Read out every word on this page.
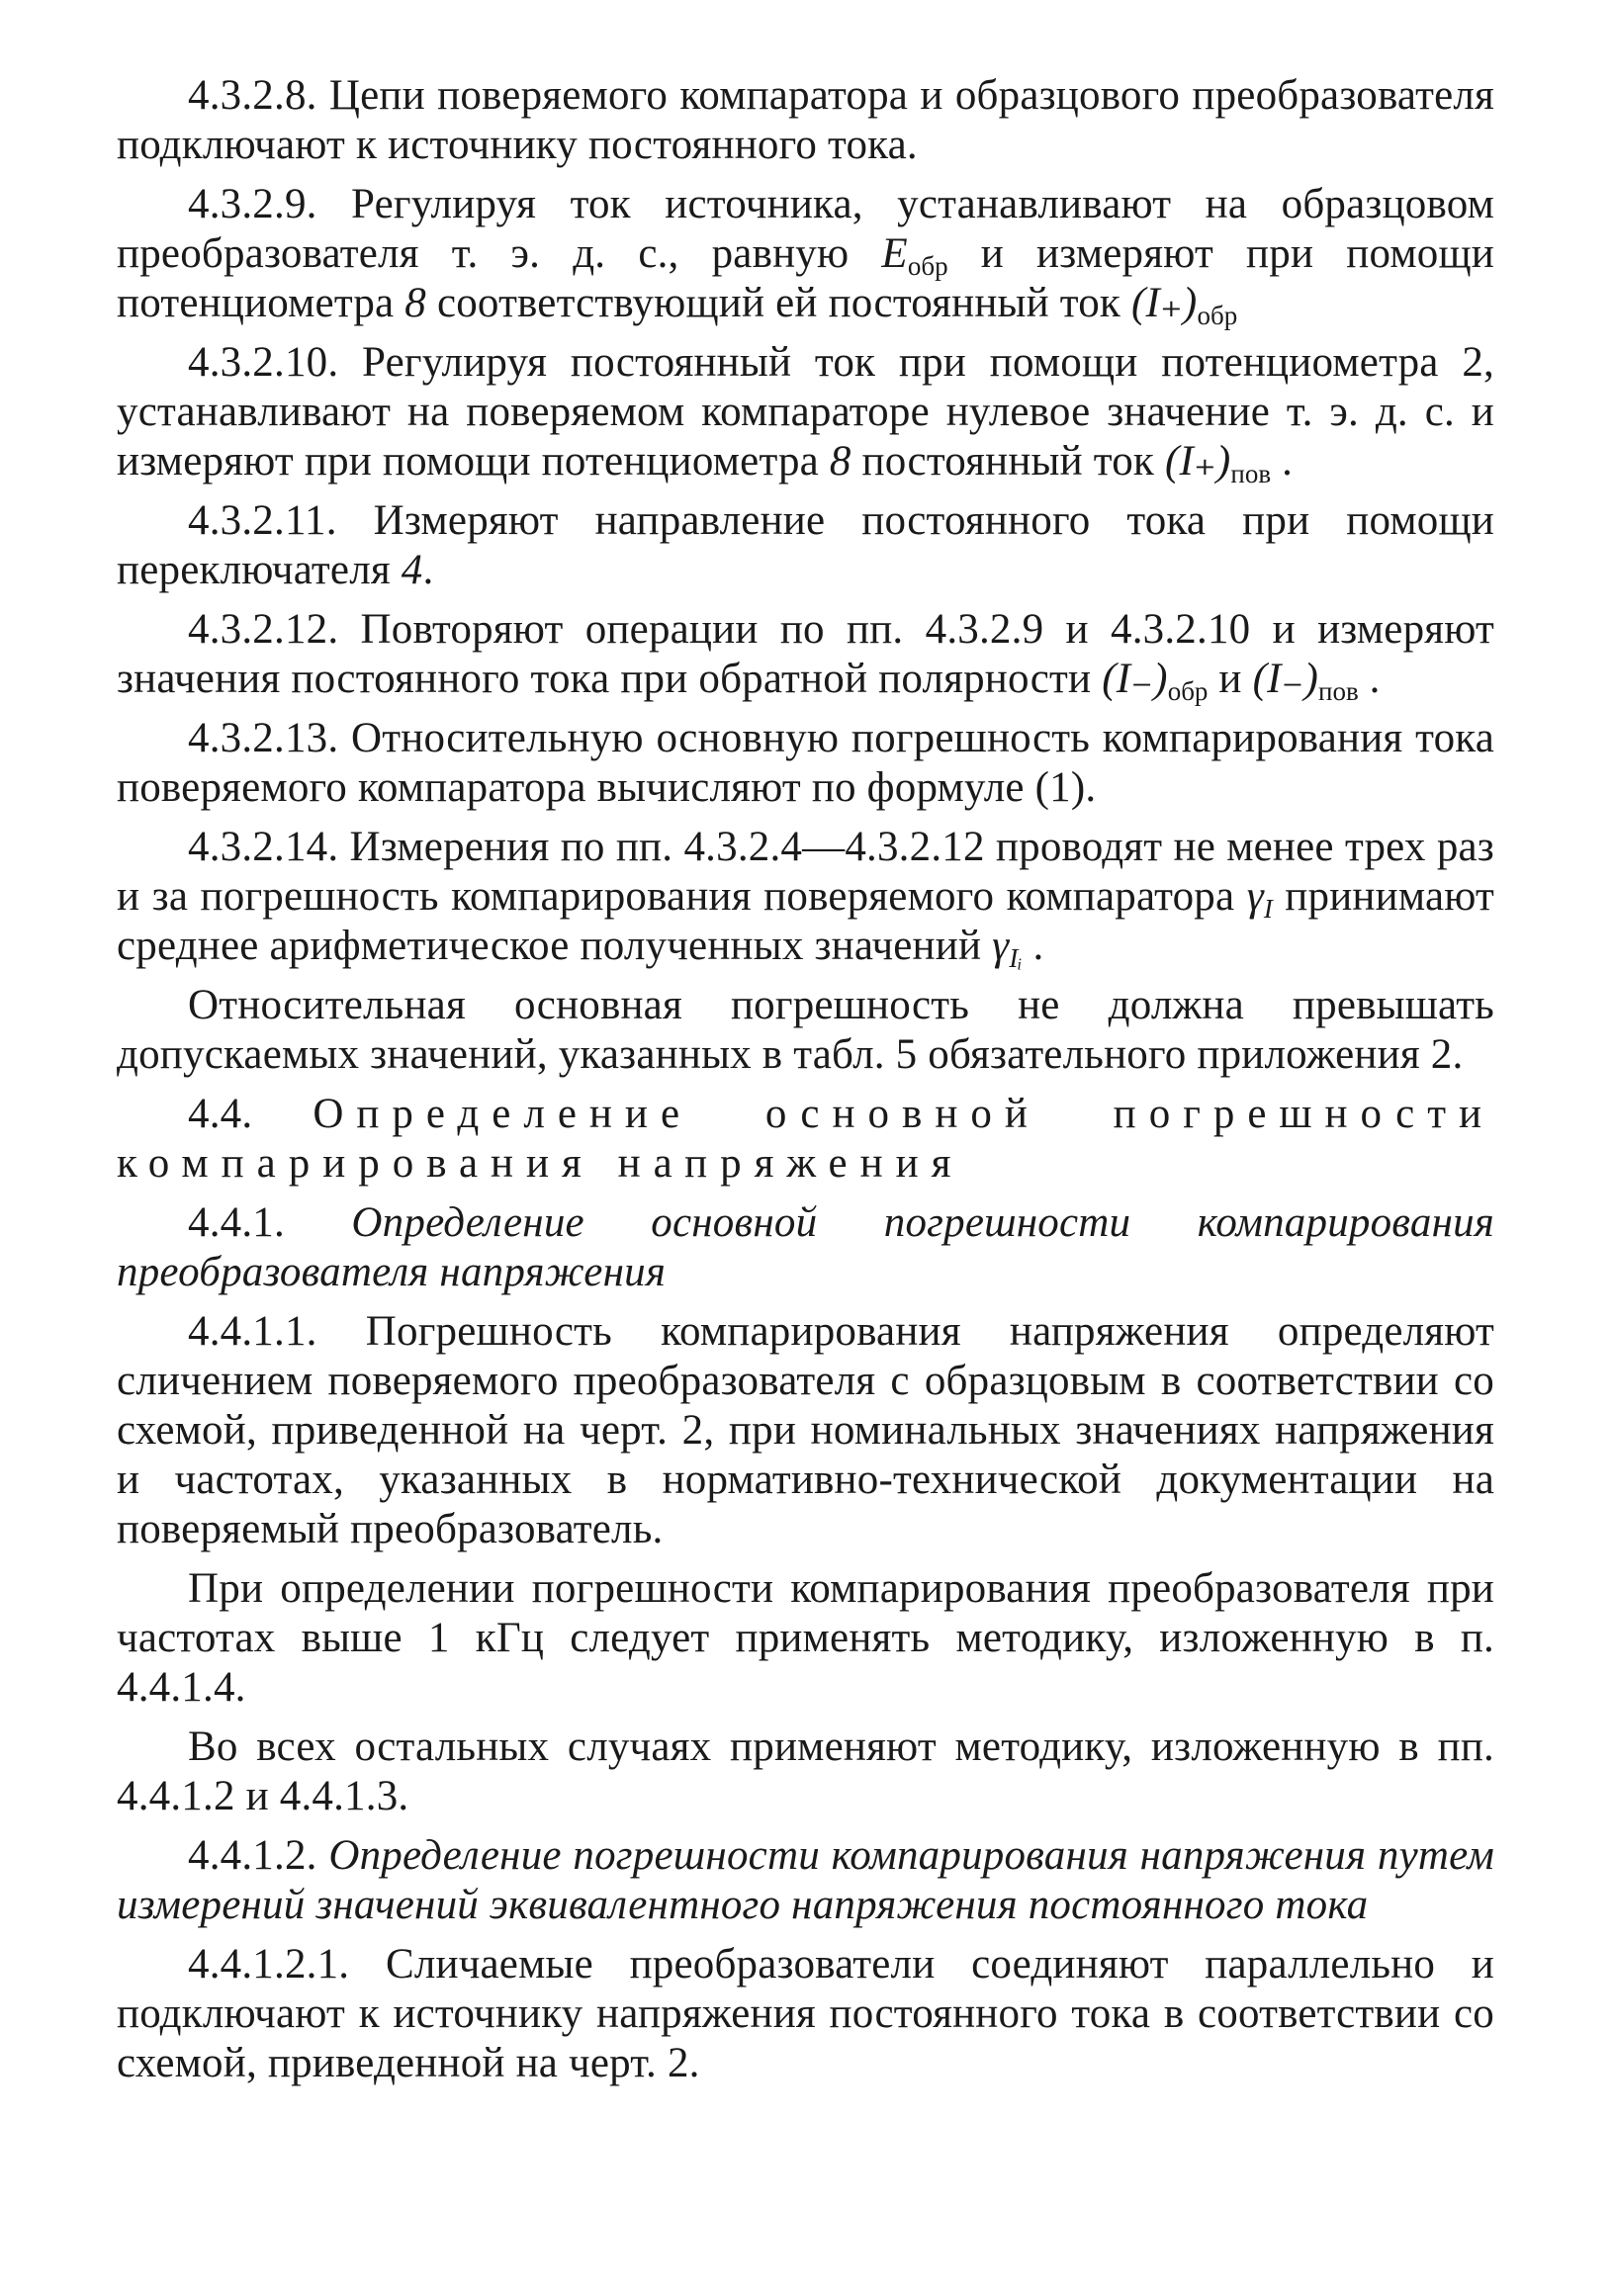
4.3.2.8. Цепи поверяемого компаратора и образцового преобразователя подключают к источнику постоянного тока.

4.3.2.9. Регулируя ток источника, устанавливают на образцовом преобразователя т. э. д. с., равную $E_{обр}$ и измеряют при помощи потенциометра 8 соответствующий ей постоянный ток $(I_+)_{обр}$

4.3.2.10. Регулируя постоянный ток при помощи потенциометра 2, устанавливают на поверяемом компараторе нулевое значение т. э. д. с. и измеряют при помощи потенциометра 8 постоянный ток $(I_+)_{пов}$ .

4.3.2.11. Измеряют направление постоянного тока при помощи переключателя 4.

4.3.2.12. Повторяют операции по пп. 4.3.2.9 и 4.3.2.10 и измеряют значения постоянного тока при обратной полярности $(I_-)_{обр}$ и $(I_-)_{пов}$ .

4.3.2.13. Относительную основную погрешность компарирования тока поверяемого компаратора вычисляют по формуле (1).

4.3.2.14. Измерения по пп. 4.3.2.4—4.3.2.12 проводят не менее трех раз и за погрешность компарирования поверяемого компаратора $\gamma_I$ принимают среднее арифметическое полученных значений $\gamma_{Iᵢ}$ .

Относительная основная погрешность не должна превышать допускаемых значений, указанных в табл. 5 обязательного приложения 2.

4.4. Определение основной погрешности компарирования напряжения

4.4.1. Определение основной погрешности компарирования преобразователя напряжения

4.4.1.1. Погрешность компарирования напряжения определяют сличением поверяемого преобразователя с образцовым в соответствии со схемой, приведенной на черт. 2, при номинальных значениях напряжения и частотах, указанных в нормативно-технической документации на поверяемый преобразователь.

При определении погрешности компарирования преобразователя при частотах выше 1 кГц следует применять методику, изложенную в п. 4.4.1.4.

Во всех остальных случаях применяют методику, изложенную в пп. 4.4.1.2 и 4.4.1.3.

4.4.1.2. Определение погрешности компарирования напряжения путем измерений значений эквивалентного напряжения постоянного тока

4.4.1.2.1. Сличаемые преобразователи соединяют параллельно и подключают к источнику напряжения постоянного тока в соответствии со схемой, приведенной на черт. 2.
